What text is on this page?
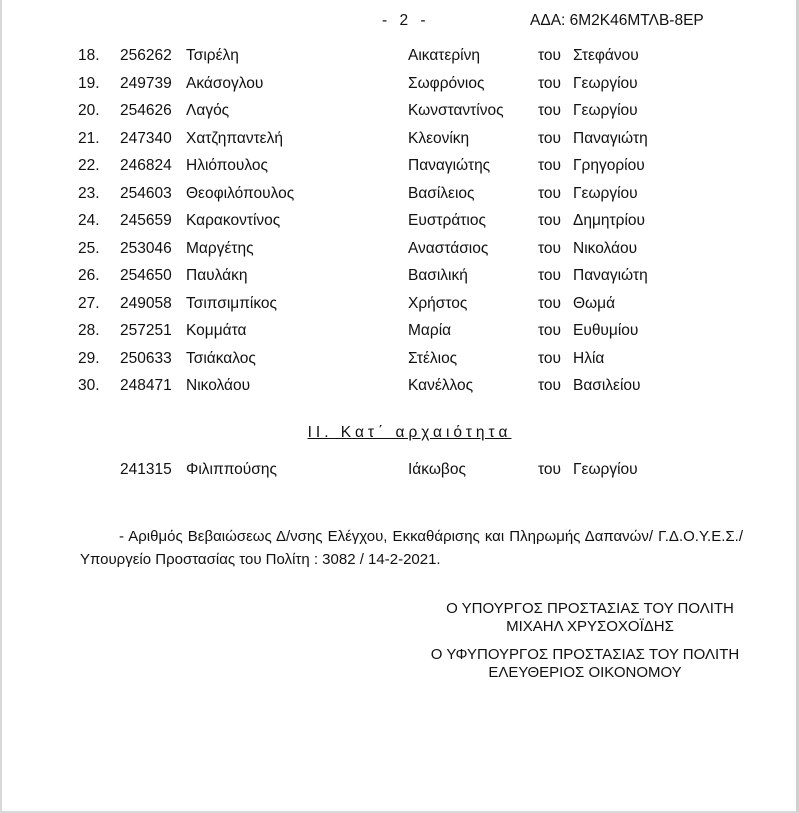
- 2 -	ΑΔΑ: 6Μ2Κ46ΜΤΛΒ-8ΕΡ
18. 256262 Τσιρέλη	Αικατερίνη	του Στεφάνου
19. 249739 Ακάσογλου	Σωφρόνιος	του Γεωργίου
20. 254626 Λαγός	Κωνσταντίνος του Γεωργίου
21. 247340 Χατζηπαντελή	Κλεονίκη	του Παναγιώτη
22. 246824 Ηλιόπουλος	Παναγιώτης	του Γρηγορίου
23. 254603 Θεοφιλόπουλος	Βασίλειος	του Γεωργίου
24. 245659 Καρακοντίνος	Ευστράτιος	του Δημητρίου
25. 253046 Μαργέτης	Αναστάσιος	του Νικολάου
26. 254650 Παυλάκη	Βασιλική	του Παναγιώτη
27. 249058 Τσιπσιμπίκος	Χρήστος	του Θωμά
28. 257251 Κομμάτα	Μαρία	του Ευθυμίου
29. 250633 Τσιάκαλος	Στέλιος	του Ηλία
30. 248471 Νικολάου	Κανέλλος	του Βασιλείου
ΙΙ. Κατ΄ αρχαιότητα
241315 Φιλιππούσης	Ιάκωβος	του Γεωργίου
- Αριθμός Βεβαιώσεως Δ/νσης Ελέγχου, Εκκαθάρισης και Πληρωμής Δαπανών/ Γ.Δ.Ο.Υ.Ε.Σ./ Υπουργείο Προστασίας του Πολίτη : 3082 / 14-2-2021.
Ο ΥΠΟΥΡΓΟΣ ΠΡΟΣΤΑΣΙΑΣ ΤΟΥ ΠΟΛΙΤΗ
ΜΙΧΑΗΛ ΧΡΥΣΟΧΟΪΔΗΣ
Ο ΥΦΥΠΟΥΡΓΟΣ ΠΡΟΣΤΑΣΙΑΣ ΤΟΥ ΠΟΛΙΤΗ
ΕΛΕΥΘΕΡΙΟΣ ΟΙΚΟΝΟΜΟΥ
